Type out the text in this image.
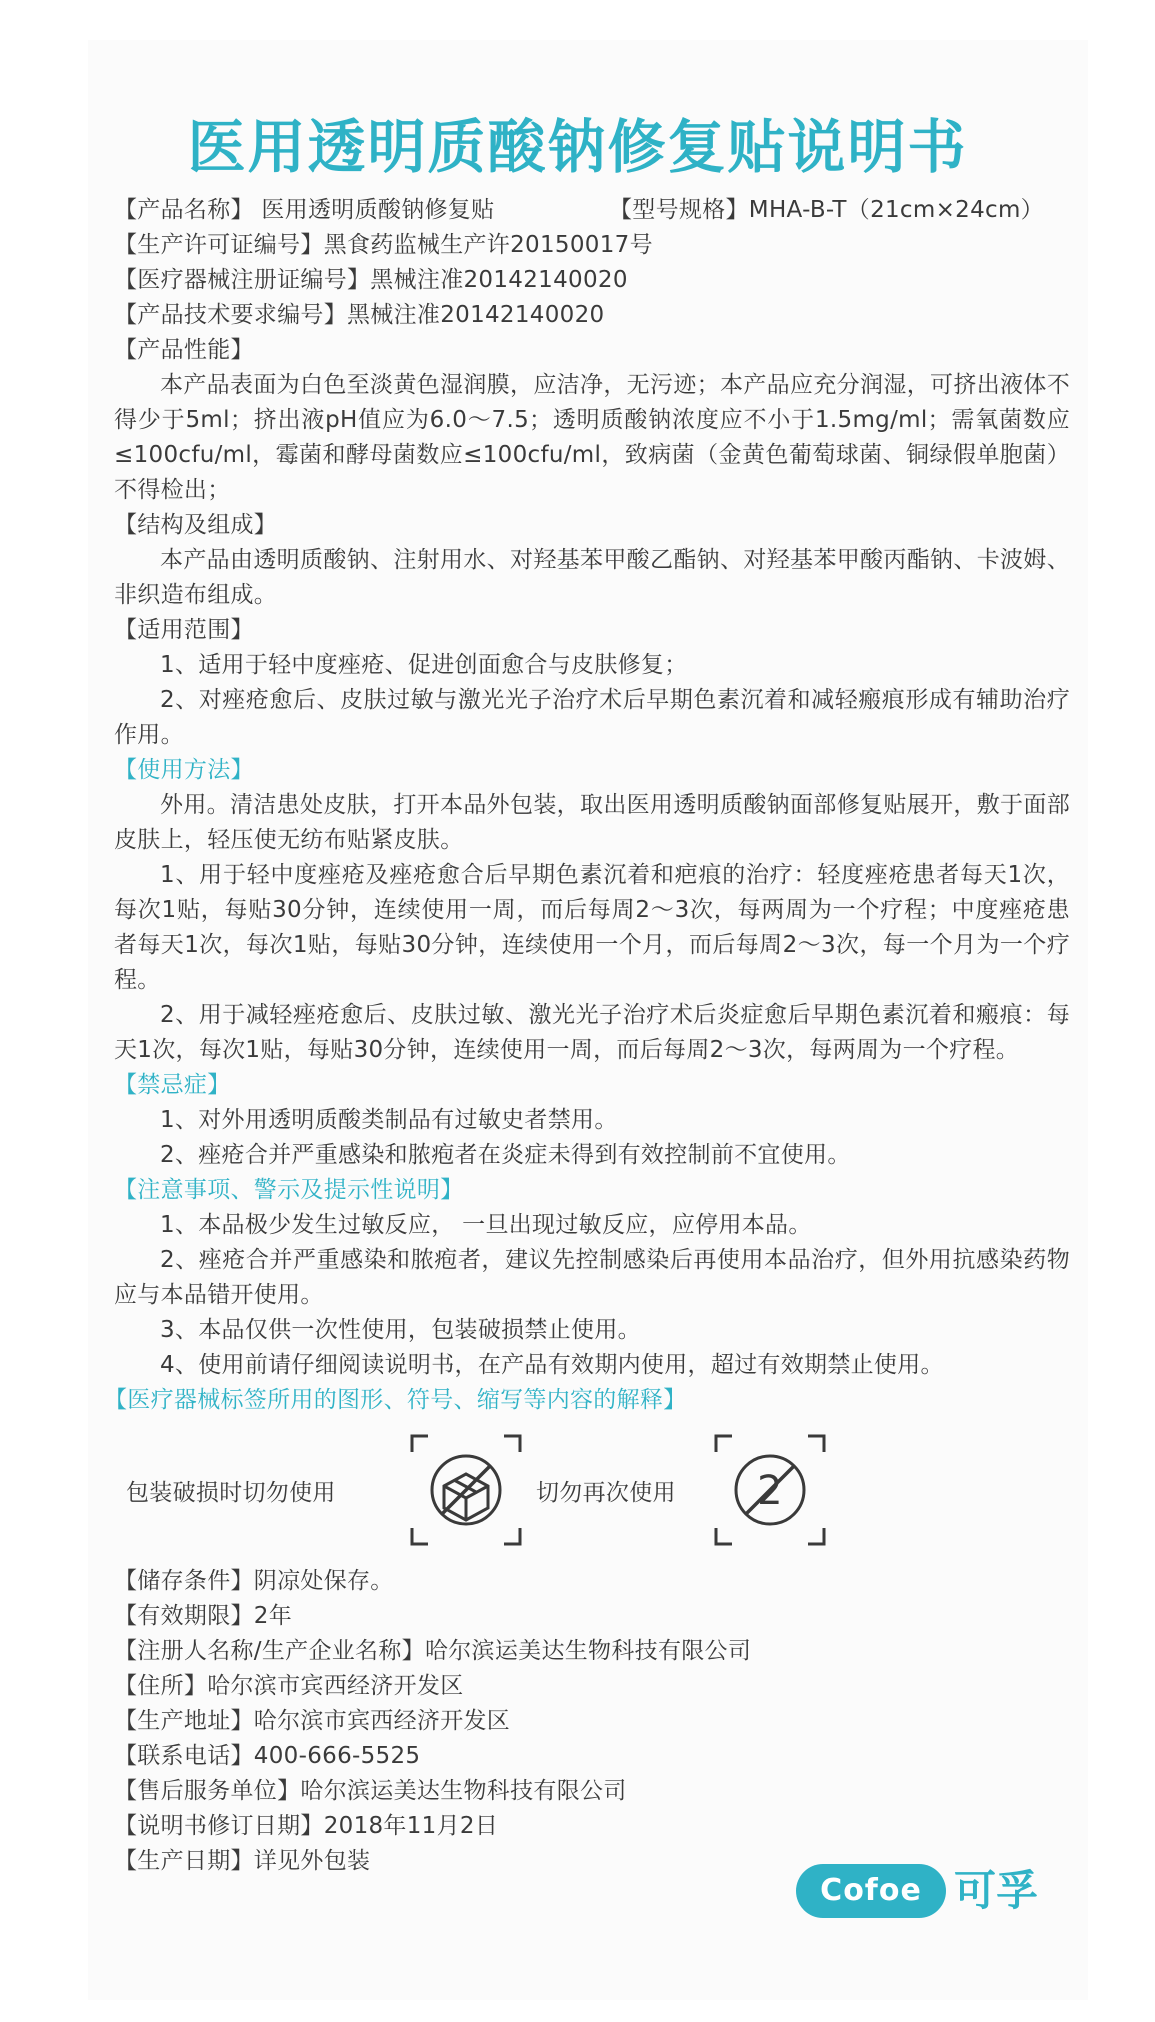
医用透明质酸钠修复贴说明书
【产品名称】 医用透明质酸钠修复贴	【型号规格】MHA-B-T（21cm×24cm）
【生产许可证编号】黑食药监械生产许20150017号
【医疗器械注册证编号】黑械注准20142140020
【产品技术要求编号】黑械注准20142140020
【产品性能】
本产品表面为白色至淡黄色湿润膜，应洁净，无污迹；本产品应充分润湿，可挤出液体不得少于5ml；挤出液pH值应为6.0～7.5；透明质酸钠浓度应不小于1.5mg/ml；需氧菌数应≤100cfu/ml，霉菌和酵母菌数应≤100cfu/ml，致病菌（金黄色葡萄球菌、铜绿假单胞菌）不得检出；
【结构及组成】
本产品由透明质酸钠、注射用水、对羟基苯甲酸乙酯钠、对羟基苯甲酸丙酯钠、卡波姆、非织造布组成。
【适用范围】
1、适用于轻中度痤疮、促进创面愈合与皮肤修复；
2、对痤疮愈后、皮肤过敏与激光光子治疗术后早期色素沉着和减轻瘢痕形成有辅助治疗作用。
【使用方法】
外用。清洁患处皮肤，打开本品外包装，取出医用透明质酸钠面部修复贴展开，敷于面部皮肤上，轻压使无纺布贴紧皮肤。
1、用于轻中度痤疮及痤疮愈合后早期色素沉着和疤痕的治疗：轻度痤疮患者每天1次，每次1贴，每贴30分钟，连续使用一周，而后每周2～3次，每两周为一个疗程；中度痤疮患者每天1次，每次1贴，每贴30分钟，连续使用一个月，而后每周2～3次，每一个月为一个疗程。
2、用于减轻痤疮愈后、皮肤过敏、激光光子治疗术后炎症愈后早期色素沉着和瘢痕：每天1次，每次1贴，每贴30分钟，连续使用一周，而后每周2～3次，每两周为一个疗程。
【禁忌症】
1、对外用透明质酸类制品有过敏史者禁用。
2、痤疮合并严重感染和脓疱者在炎症未得到有效控制前不宜使用。
【注意事项、警示及提示性说明】
1、本品极少发生过敏反应， 一旦出现过敏反应，应停用本品。
2、痤疮合并严重感染和脓疱者，建议先控制感染后再使用本品治疗，但外用抗感染药物应与本品错开使用。
3、本品仅供一次性使用，包装破损禁止使用。
4、使用前请仔细阅读说明书，在产品有效期内使用，超过有效期禁止使用。
【医疗器械标签所用的图形、符号、缩写等内容的解释】
包装破损时切勿使用	切勿再次使用 2
【储存条件】阴凉处保存。
【有效期限】2年
【注册人名称/生产企业名称】哈尔滨运美达生物科技有限公司
【住所】哈尔滨市宾西经济开发区
【生产地址】哈尔滨市宾西经济开发区
【联系电话】400-666-5525
【售后服务单位】哈尔滨运美达生物科技有限公司
【说明书修订日期】2018年11月2日
【生产日期】详见外包装
Cofoe 可孚
